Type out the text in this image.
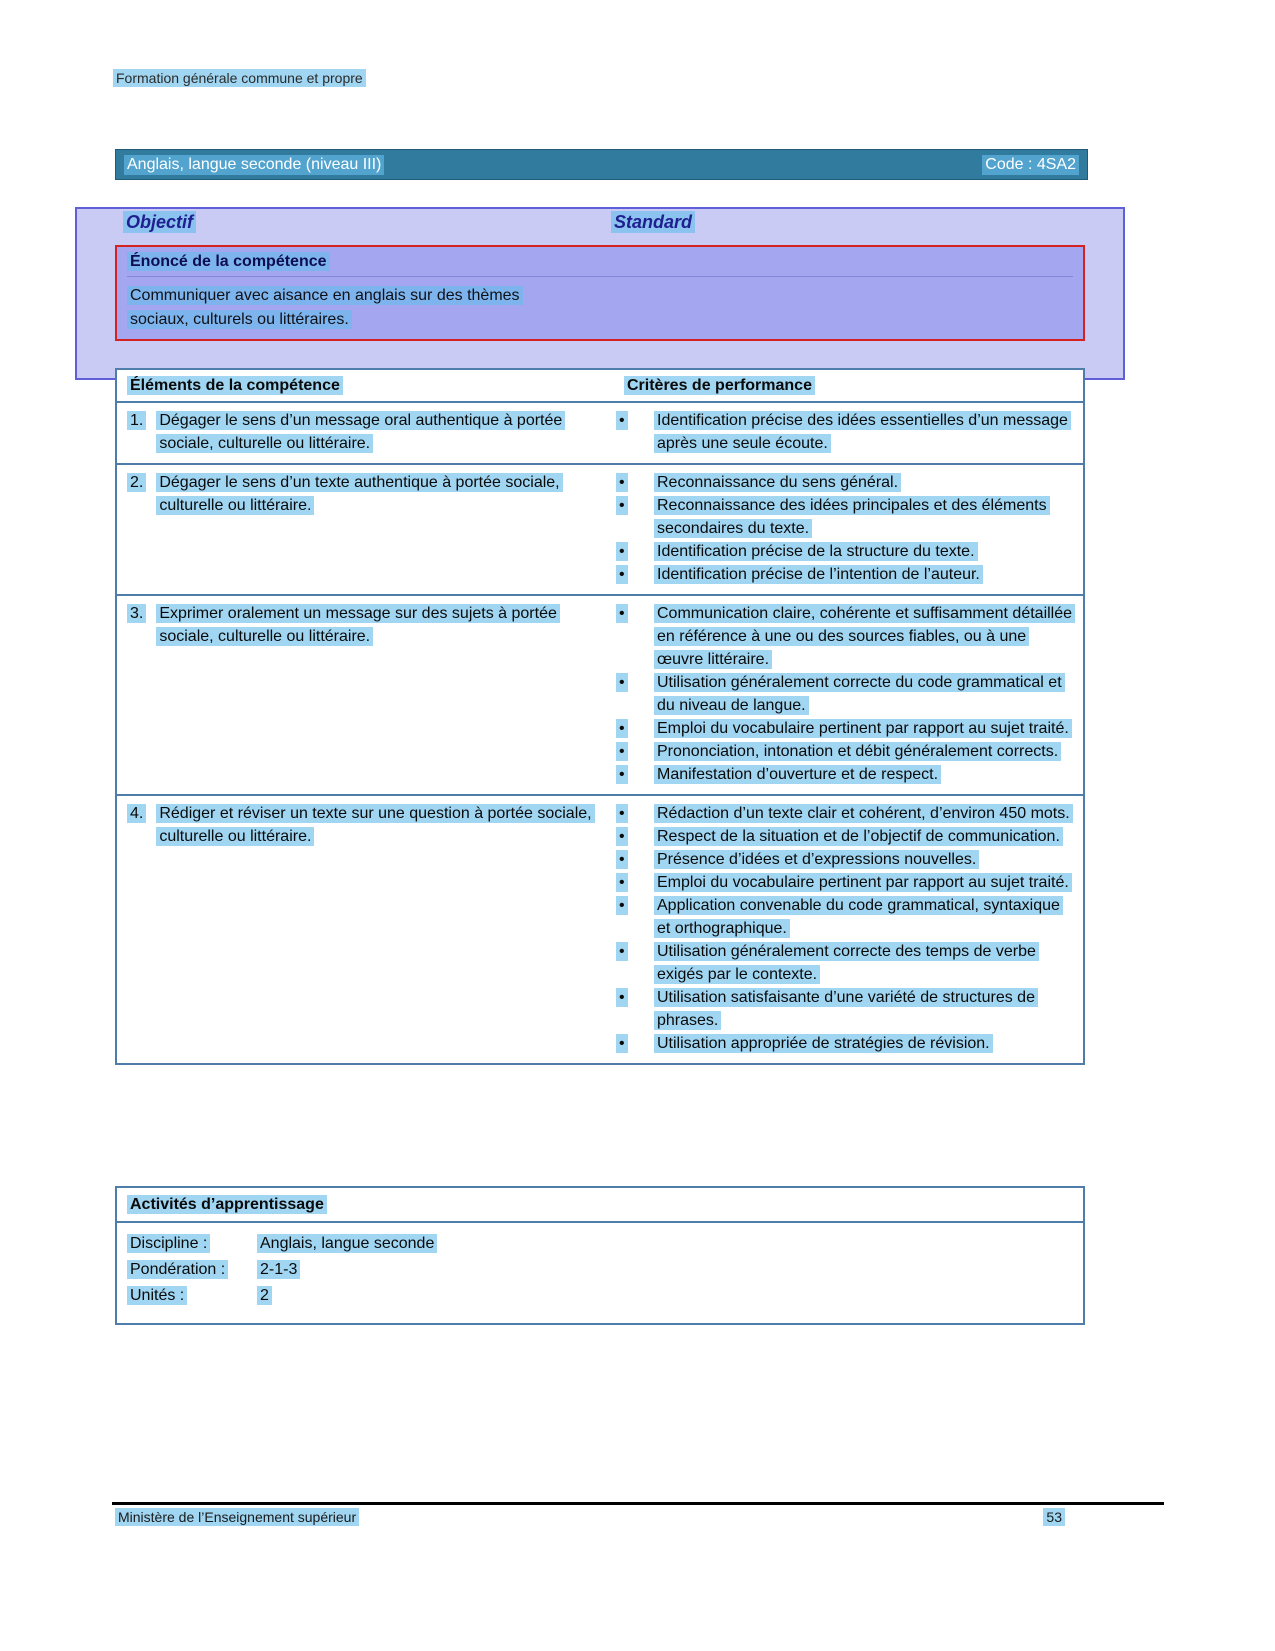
Formation générale commune et propre
Anglais, langue seconde (niveau III)	Code : 4SA2
Objectif	Standard
Énoncé de la compétence
Communiquer avec aisance en anglais sur des thèmes sociaux, culturels ou littéraires.
Éléments de la compétence	Critères de performance
1. Dégager le sens d’un message oral authentique à portée sociale, culturelle ou littéraire.
•	Identification précise des idées essentielles d’un message après une seule écoute.
2. Dégager le sens d’un texte authentique à portée sociale, culturelle ou littéraire.
•	Reconnaissance du sens général.
•	Reconnaissance des idées principales et des éléments secondaires du texte.
•	Identification précise de la structure du texte.
•	Identification précise de l’intention de l’auteur.
3. Exprimer oralement un message sur des sujets à portée sociale, culturelle ou littéraire.
•	Communication claire, cohérente et suffisamment détaillée en référence à une ou des sources fiables, ou à une œuvre littéraire.
•	Utilisation généralement correcte du code grammatical et du niveau de langue.
•	Emploi du vocabulaire pertinent par rapport au sujet traité.
•	Prononciation, intonation et débit généralement corrects.
•	Manifestation d’ouverture et de respect.
4. Rédiger et réviser un texte sur une question à portée sociale, culturelle ou littéraire.
•	Rédaction d’un texte clair et cohérent, d’environ 450 mots.
•	Respect de la situation et de l’objectif de communication.
•	Présence d’idées et d’expressions nouvelles.
•	Emploi du vocabulaire pertinent par rapport au sujet traité.
•	Application convenable du code grammatical, syntaxique et orthographique.
•	Utilisation généralement correcte des temps de verbe exigés par le contexte.
•	Utilisation satisfaisante d’une variété de structures de phrases.
•	Utilisation appropriée de stratégies de révision.
Activités d’apprentissage
Discipline :	Anglais, langue seconde
Pondération :	2-1-3
Unités :	2
Ministère de l’Enseignement supérieur	53
